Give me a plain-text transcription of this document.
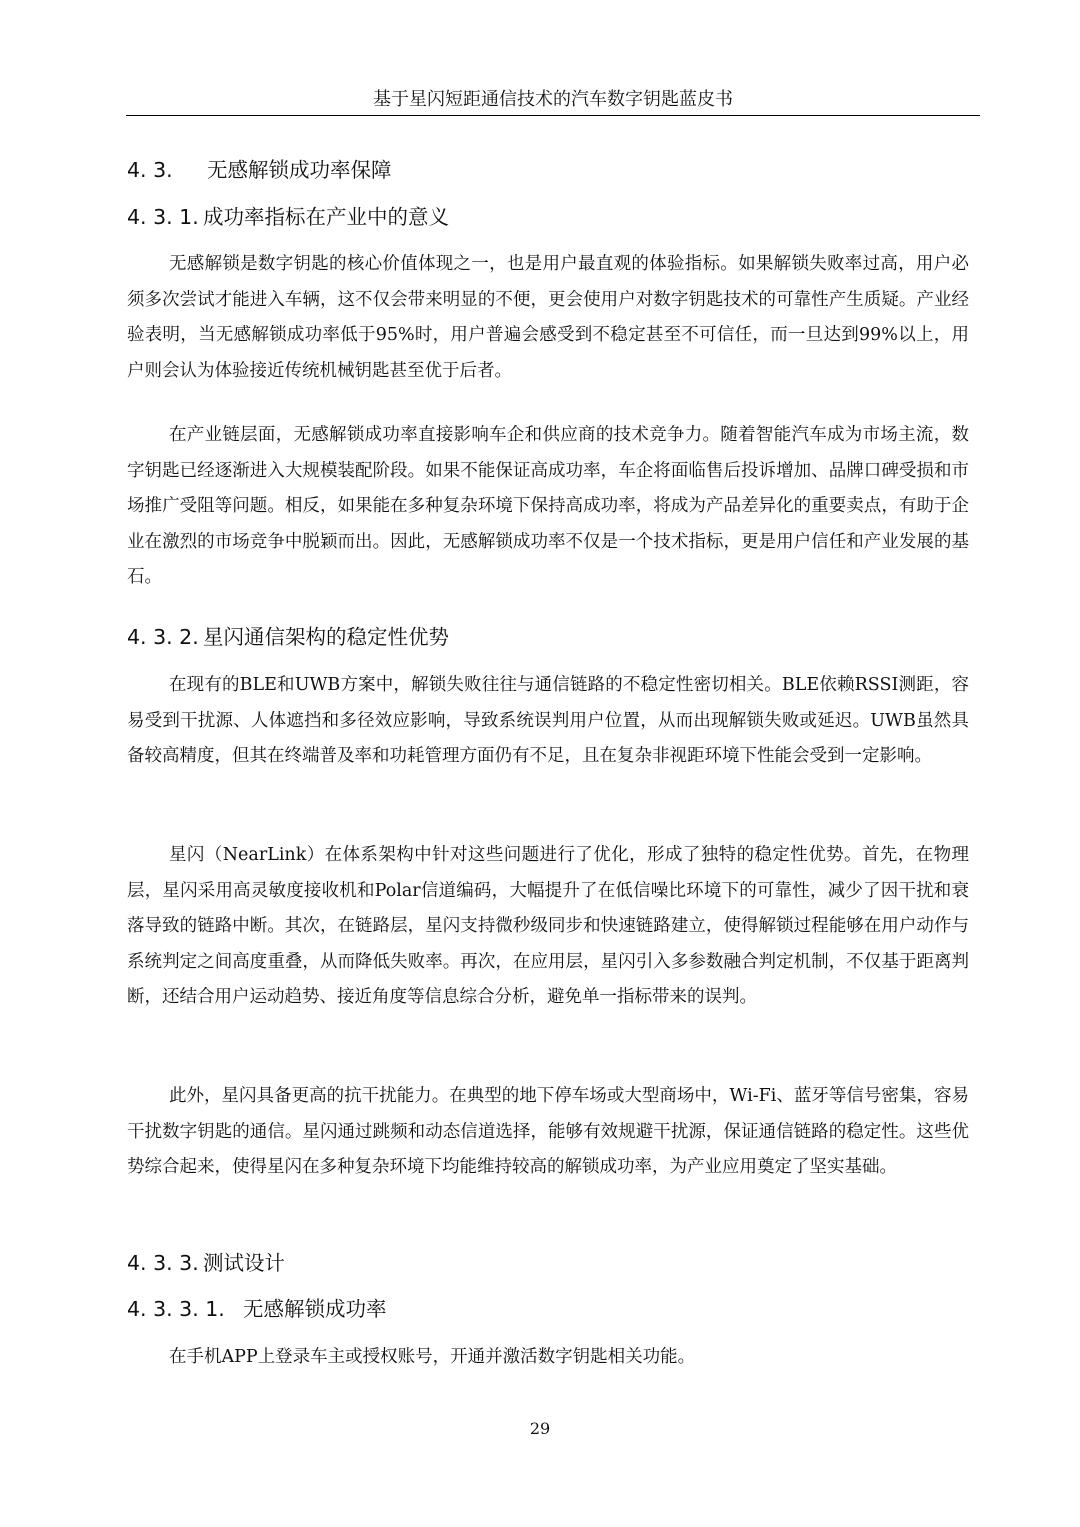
基于星闪短距通信技术的汽车数字钥匙蓝皮书
4. 3. 无感解锁成功率保障
4. 3. 1. 成功率指标在产业中的意义

无感解锁是数字钥匙的核心价值体现之一，也是用户最直观的体验指标。如果解锁失败率过高，用户必须多次尝试才能进入车辆，这不仅会带来明显的不便，更会使用户对数字钥匙技术的可靠性产生质疑。产业经验表明，当无感解锁成功率低于95%时，用户普遍会感受到不稳定甚至不可信任，而一旦达到99%以上，用户则会认为体验接近传统机械钥匙甚至优于后者。

在产业链层面，无感解锁成功率直接影响车企和供应商的技术竞争力。随着智能汽车成为市场主流，数字钥匙已经逐渐进入大规模装配阶段。如果不能保证高成功率，车企将面临售后投诉增加、品牌口碑受损和市场推广受阻等问题。相反，如果能在多种复杂环境下保持高成功率，将成为产品差异化的重要卖点，有助于企业在激烈的市场竞争中脱颖而出。因此，无感解锁成功率不仅是一个技术指标，更是用户信任和产业发展的基石。

4. 3. 2. 星闪通信架构的稳定性优势

在现有的BLE和UWB方案中，解锁失败往往与通信链路的不稳定性密切相关。BLE依赖RSSI测距，容易受到干扰源、人体遮挡和多径效应影响，导致系统误判用户位置，从而出现解锁失败或延迟。UWB虽然具备较高精度，但其在终端普及率和功耗管理方面仍有不足，且在复杂非视距环境下性能会受到一定影响。

星闪（NearLink）在体系架构中针对这些问题进行了优化，形成了独特的稳定性优势。首先，在物理层，星闪采用高灵敏度接收机和Polar信道编码，大幅提升了在低信噪比环境下的可靠性，减少了因干扰和衰落导致的链路中断。其次，在链路层，星闪支持微秒级同步和快速链路建立，使得解锁过程能够在用户动作与系统判定之间高度重叠，从而降低失败率。再次，在应用层，星闪引入多参数融合判定机制，不仅基于距离判断，还结合用户运动趋势、接近角度等信息综合分析，避免单一指标带来的误判。

此外，星闪具备更高的抗干扰能力。在典型的地下停车场或大型商场中，Wi-Fi、蓝牙等信号密集，容易干扰数字钥匙的通信。星闪通过跳频和动态信道选择，能够有效规避干扰源，保证通信链路的稳定性。这些优势综合起来，使得星闪在多种复杂环境下均能维持较高的解锁成功率，为产业应用奠定了坚实基础。

4. 3. 3. 测试设计
4. 3. 3. 1. 无感解锁成功率

在手机APP上登录车主或授权账号，开通并激活数字钥匙相关功能。

29
